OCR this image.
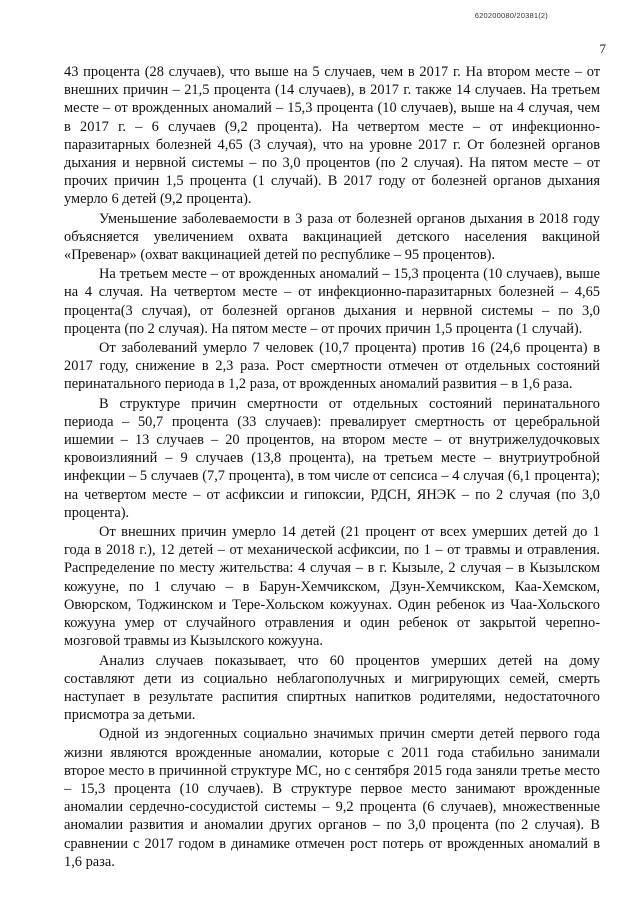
620200080/20381(2)
7

43 процента (28 случаев), что выше на 5 случаев, чем в 2017 г. На втором месте – от внешних причин – 21,5 процента (14 случаев), в 2017 г. также 14 случаев. На третьем месте – от врожденных аномалий – 15,3 процента (10 случаев), выше на 4 случая, чем в 2017 г. – 6 случаев (9,2 процента). На четвертом месте – от инфекционно-паразитарных болезней 4,65 (3 случая), что на уровне 2017 г. От болезней органов дыхания и нервной системы – по 3,0 процентов (по 2 случая). На пятом месте – от прочих причин 1,5 процента (1 случай). В 2017 году от болезней органов дыхания умерло 6 детей (9,2 процента).

Уменьшение заболеваемости в 3 раза от болезней органов дыхания в 2018 году объясняется увеличением охвата вакцинацией детского населения вакциной «Превенар» (охват вакцинацией детей по республике – 95 процентов).

На третьем месте – от врожденных аномалий – 15,3 процента (10 случаев), выше на 4 случая. На четвертом месте – от инфекционно-паразитарных болезней – 4,65 процента(3 случая), от болезней органов дыхания и нервной системы – по 3,0 процента (по 2 случая). На пятом месте – от прочих причин 1,5 процента (1 случай).

От заболеваний умерло 7 человек (10,7 процента) против 16 (24,6 процента) в 2017 году, снижение в 2,3 раза. Рост смертности отмечен от отдельных состояний перинатального периода в 1,2 раза, от врожденных аномалий развития – в 1,6 раза.

В структуре причин смертности от отдельных состояний перинатального периода – 50,7 процента (33 случаев): превалирует смертность от церебральной ишемии – 13 случаев – 20 процентов, на втором месте – от внутрижелудочковых кровоизлияний – 9 случаев (13,8 процента), на третьем месте – внутриутробной инфекции – 5 случаев (7,7 процента), в том числе от сепсиса – 4 случая (6,1 процента); на четвертом месте – от асфиксии и гипоксии, РДСН, ЯНЭК – по 2 случая (по 3,0 процента).

От внешних причин умерло 14 детей (21 процент от всех умерших детей до 1 года в 2018 г.), 12 детей – от механической асфиксии, по 1 – от травмы и отравления. Распределение по месту жительства: 4 случая – в г. Кызыле, 2 случая – в Кызылском кожууне, по 1 случаю – в Барун-Хемчикском, Дзун-Хемчикском, Каа-Хемском, Овюрском, Тоджинском и Тере-Хольском кожуунах. Один ребенок из Чаа-Хольского кожууна умер от случайного отравления и один ребенок от закрытой черепно-мозговой травмы из Кызылского кожууна.

Анализ случаев показывает, что 60 процентов умерших детей на дому составляют дети из социально неблагополучных и мигрирующих семей, смерть наступает в результате распития спиртных напитков родителями, недостаточного присмотра за детьми.

Одной из эндогенных социально значимых причин смерти детей первого года жизни являются врожденные аномалии, которые с 2011 года стабильно занимали второе место в причинной структуре МС, но с сентября 2015 года заняли третье место – 15,3 процента (10 случаев). В структуре первое место занимают врожденные аномалии сердечно-сосудистой системы – 9,2 процента (6 случаев), множественные аномалии развития и аномалии других органов – по 3,0 процента (по 2 случая). В сравнении с 2017 годом в динамике отмечен рост потерь от врожденных аномалий в 1,6 раза.
